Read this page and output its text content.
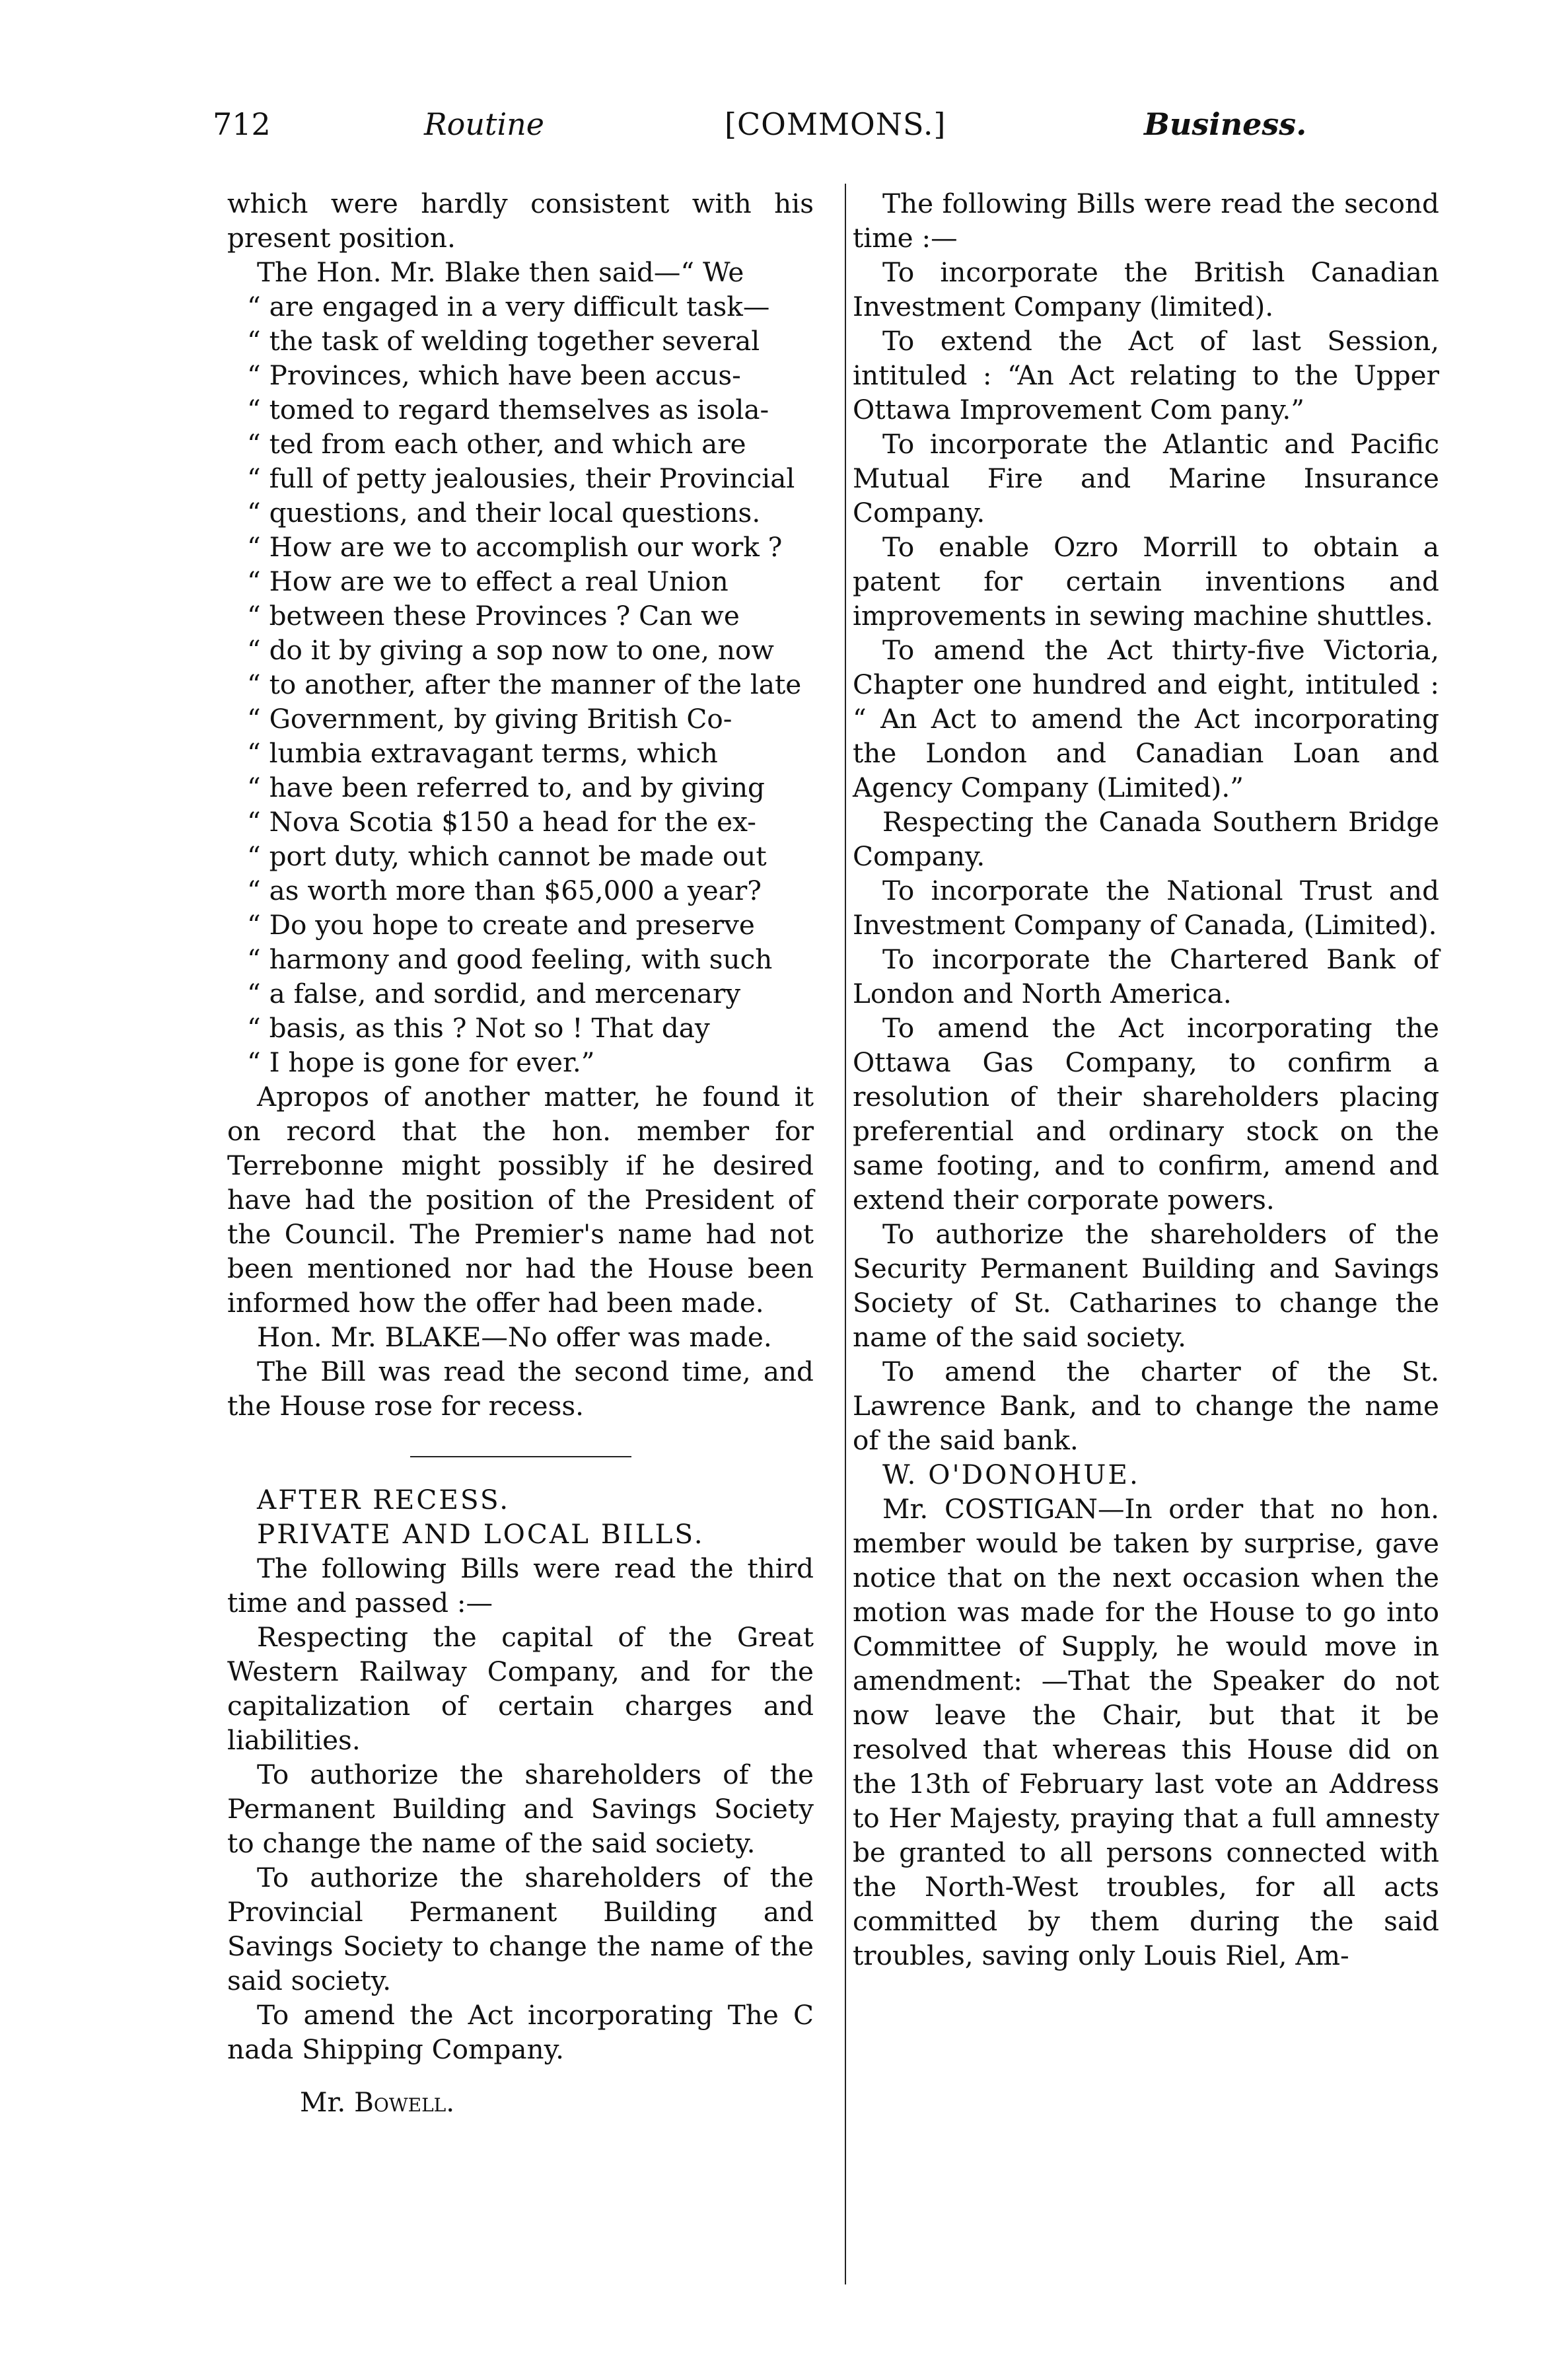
712	Routine	[COMMONS.]	Business.

which were hardly consistent with his present position.

The Hon. Mr. Blake then said—“ We

“ are engaged in a very difficult task—

“ the task of welding together several

“ Provinces, which have been accus-

“ tomed to regard themselves as isola-

“ ted from each other, and which are

“ full of petty jealousies, their Provincial

“ questions, and their local questions.

“ How are we to accomplish our work ?

“ How are we to effect a real Union

“ between these Provinces ? Can we

“ do it by giving a sop now to one, now

“ to another, after the manner of the late

“ Government, by giving British Co-

“ lumbia extravagant terms, which

“ have been referred to, and by giving

“ Nova Scotia $150 a head for the ex-

“ port duty, which cannot be made out

“ as worth more than $65,000 a year?

“ Do you hope to create and preserve

“ harmony and good feeling, with such

“ a false, and sordid, and mercenary

“ basis, as this ? Not so ! That day

“ I hope is gone for ever.”

Apropos of another matter, he found it on record that the hon. member for Terrebonne might possibly if he desired have had the position of the President of the Council. The Premier's name had not been mentioned nor had the House been informed how the offer had been made.

Hon. Mr. BLAKE—No offer was made.

The Bill was read the second time, and the House rose for recess.

AFTER RECESS.

PRIVATE AND LOCAL BILLS.

The following Bills were read the third time and passed :—

Respecting the capital of the Great Western Railway Company, and for the capitalization of certain charges and liabilities.

To authorize the shareholders of the Permanent Building and Savings Society to change the name of the said society.

To authorize the shareholders of the Provincial Permanent Building and Savings Society to change the name of the said society.

To amend the Act incorporating The C nada Shipping Company.

Mr. Bowell.

The following Bills were read the second time :—

To incorporate the British Canadian Investment Company (limited).

To extend the Act of last Session, intituled : “An Act relating to the Upper Ottawa Improvement Com pany.”

To incorporate the Atlantic and Pacific Mutual Fire and Marine Insurance Company.

To enable Ozro Morrill to obtain a patent for certain inventions and improvements in sewing machine shuttles.

To amend the Act thirty-five Victoria, Chapter one hundred and eight, intituled : “ An Act to amend the Act incorporating the London and Canadian Loan and Agency Company (Limited).”

Respecting the Canada Southern Bridge Company.

To incorporate the National Trust and Investment Company of Canada, (Limited).

To incorporate the Chartered Bank of London and North America.

To amend the Act incorporating the Ottawa Gas Company, to confirm a resolution of their shareholders placing preferential and ordinary stock on the same footing, and to confirm, amend and extend their corporate powers.

To authorize the shareholders of the Security Permanent Building and Savings Society of St. Catharines to change the name of the said society.

To amend the charter of the St. Lawrence Bank, and to change the name of the said bank.

W. O'DONOHUE.

Mr. COSTIGAN—In order that no hon. member would be taken by surprise, gave notice that on the next occasion when the motion was made for the House to go into Committee of Supply, he would move in amendment: —That the Speaker do not now leave the Chair, but that it be resolved that whereas this House did on the 13th of February last vote an Address to Her Majesty, praying that a full amnesty be granted to all persons connected with the North-West troubles, for all acts committed by them during the said troubles, saving only Louis Riel, Am-
